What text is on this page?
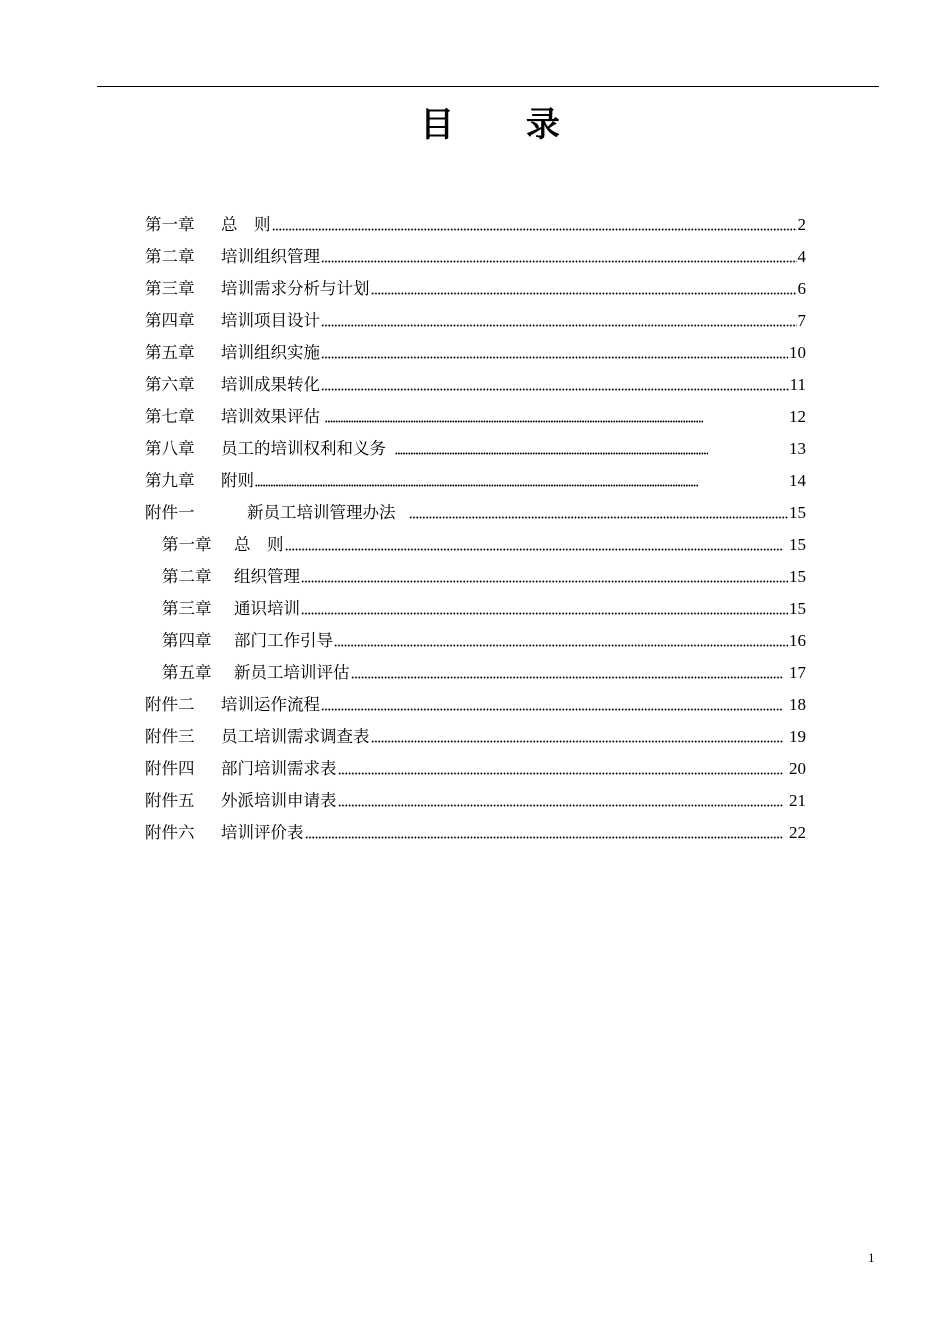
目 录
第一章	总　则	2
第二章	培训组织管理	4
第三章	培训需求分析与计划	6
第四章	培训项目设计	7
第五章	培训组织实施	10
第六章	培训成果转化	11
第七章	培训效果评估	12
第八章	员工的培训权利和义务	13
第九章	附则	14
附件一	新员工培训管理办法	15
第一章	总　则	15
第二章	组织管理	15
第三章	通识培训	15
第四章	部门工作引导	16
第五章	新员工培训评估	17
附件二	培训运作流程	18
附件三	员工培训需求调查表	19
附件四	部门培训需求表	20
附件五	外派培训申请表	21
附件六	培训评价表	22
1
